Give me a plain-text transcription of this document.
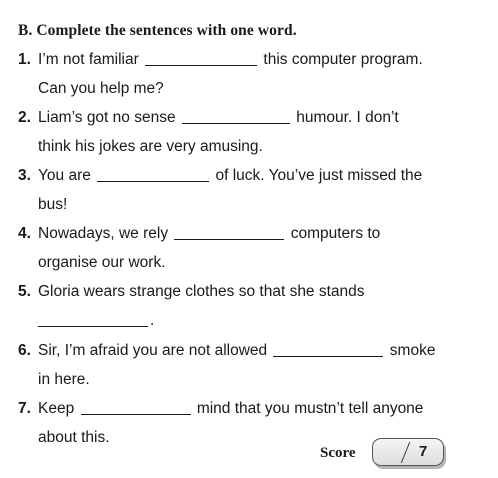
B. Complete the sentences with one word.
1. I’m not familiar	this computer program.
Can you help me?
2. Liam’s got no sense	humour. I don’t
think his jokes are very amusing.
3. You are	of luck. You’ve just missed the
bus!
4. Nowadays, we rely	computers to
organise our work.
5. Gloria wears strange clothes so that she stands
.
6. Sir, I’m afraid you are not allowed	smoke
in here.
7. Keep	mind that you mustn’t tell anyone
about this.
Score	7
